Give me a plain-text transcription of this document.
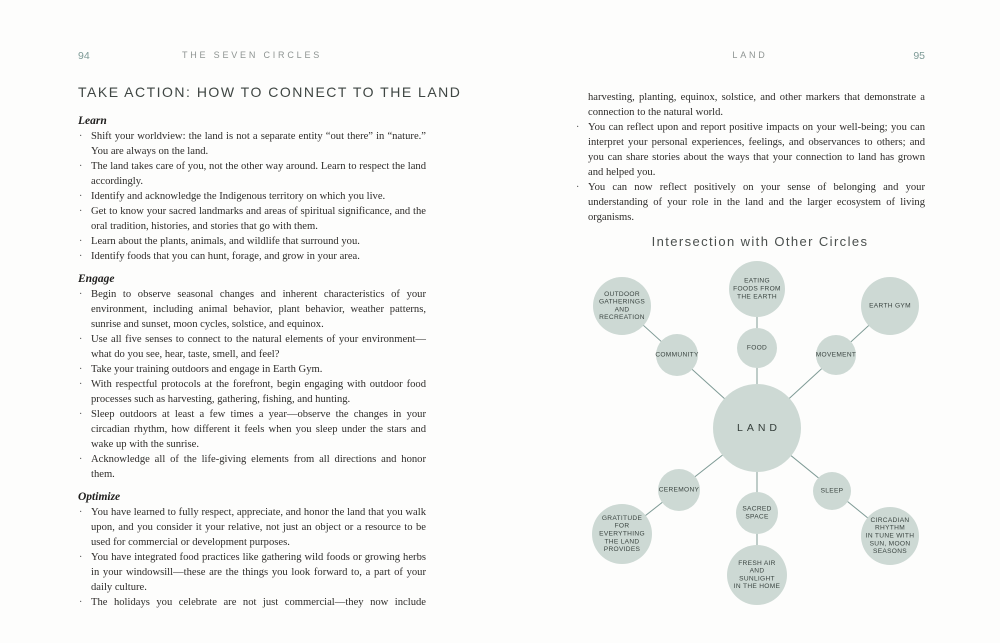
94	THE SEVEN CIRCLES
TAKE ACTION: HOW TO CONNECT TO THE LAND
Learn
· Shift your worldview: the land is not a separate entity “out there” in “nature.” You are always on the land.
· The land takes care of you, not the other way around. Learn to respect the land accordingly.
· Identify and acknowledge the Indigenous territory on which you live.
· Get to know your sacred landmarks and areas of spiritual significance, and the oral tradition, histories, and stories that go with them.
· Learn about the plants, animals, and wildlife that surround you.
· Identify foods that you can hunt, forage, and grow in your area.
Engage
· Begin to observe seasonal changes and inherent characteristics of your environment, including animal behavior, plant behavior, weather patterns, sunrise and sunset, moon cycles, solstice, and equinox.
· Use all five senses to connect to the natural elements of your environment—what do you see, hear, taste, smell, and feel?
· Take your training outdoors and engage in Earth Gym.
· With respectful protocols at the forefront, begin engaging with outdoor food processes such as harvesting, gathering, fishing, and hunting.
· Sleep outdoors at least a few times a year—observe the changes in your circadian rhythm, how different it feels when you sleep under the stars and wake up with the sunrise.
· Acknowledge all of the life-giving elements from all directions and honor them.
Optimize
· You have learned to fully respect, appreciate, and honor the land that you walk upon, and you consider it your relative, not just an object or a resource to be used for commercial or development purposes.
· You have integrated food practices like gathering wild foods or growing herbs in your windowsill—these are the things you look forward to, a part of your daily culture.
· The holidays you celebrate are not just commercial—they now include
LAND	95
harvesting, planting, equinox, solstice, and other markers that demonstrate a connection to the natural world.
· You can reflect upon and report positive impacts on your well-being; you can interpret your personal experiences, feelings, and observances to others; and you can share stories about the ways that your connection to land has grown and helped you.
· You can now reflect positively on your sense of belonging and your understanding of your role in the land and the larger ecosystem of living organisms.
Intersection with Other Circles
OUTDOOR GATHERINGS AND RECREATION
COMMUNITY
EATING FOODS FROM THE EARTH
FOOD
EARTH GYM
MOVEMENT
GRATITUDE FOR EVERYTHING THE LAND PROVIDES
CEREMONY
FRESH AIR AND SUNLIGHT IN THE HOME
SACRED SPACE	CIRCADIAN RHYTHM IN TUNE WITH SUN, MOON SEASONS
SLEEP
LAND
